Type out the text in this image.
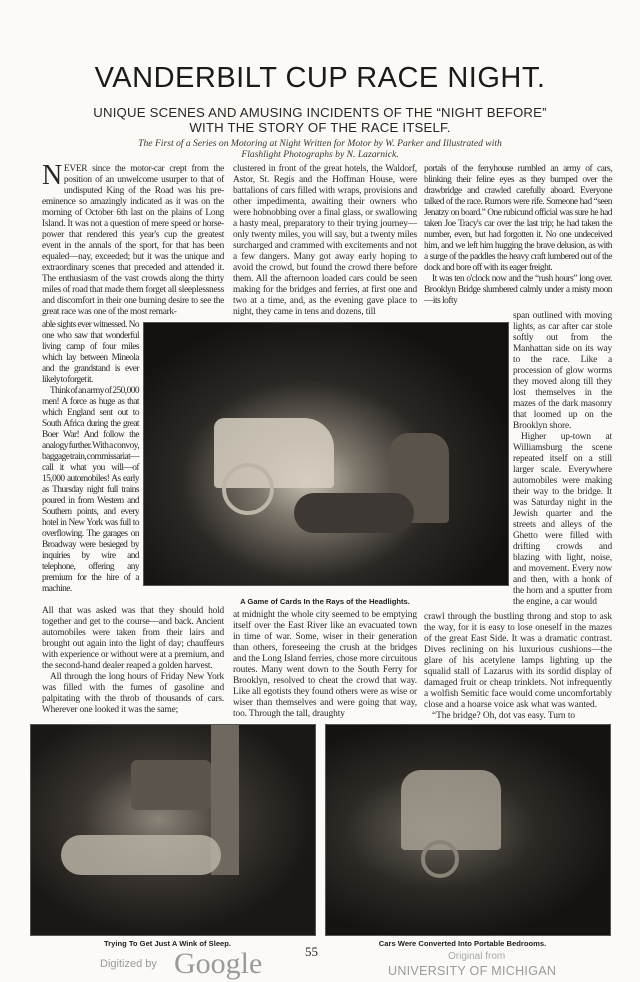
VANDERBILT CUP RACE NIGHT.
UNIQUE SCENES AND AMUSING INCIDENTS OF THE “NIGHT BEFORE”
WITH THE STORY OF THE RACE ITSELF.
The First of a Series on Motoring at Night Written for Motor by W. Parker and Illustrated with
Flashlight Photographs by N. Lazarnick.

NEVER since the motor-car crept from the position of an unwelcome usurper to that of undisputed King of the Road was his pre-eminence so amazingly indicated as it was on the morning of October 6th last on the plains of Long Island. It was not a question of mere speed or horse-power that rendered this year's cup the greatest event in the annals of the sport, for that has been equaled—nay, exceeded; but it was the unique and extraordinary scenes that preceded and attended it. The enthusiasm of the vast crowds along the thirty miles of road that made them forget all sleeplessness and discomfort in their one burning desire to see the great race was one of the most remark-

able sights ever witnessed. No one who saw that wonderful living camp of four miles which lay between Mineola and the grandstand is ever likely to forget it.

Think of an army of 250,000 men! A force as huge as that which England sent out to South Africa during the great Boer War! And follow the analogy further. With a convoy, baggage train, commissariat—call it what you will—of 15,000 automobiles! As early as Thursday night full trains poured in from Western and Southern points, and every hotel in New York was full to overflowing. The garages on Broadway were besieged by inquiries by wire and telephone, offering any premium for the hire of a machine.

All that was asked was that they should hold together and get to the course—and back. Ancient automobiles were taken from their lairs and brought out again into the light of day; chauffeurs with experience or without were at a premium, and the second-hand dealer reaped a golden harvest.

All through the long hours of Friday New York was filled with the fumes of gasoline and palpitating with the throb of thousands of cars. Wherever one looked it was the same;

clustered in front of the great hotels, the Waldorf, Astor, St. Regis and the Hoffman House, were battalions of cars filled with wraps, provisions and other impedimenta, awaiting their owners who were hobnobbing over a final glass, or swallowing a hasty meal, preparatory to their trying journey—only twenty miles, you will say, but a twenty miles surcharged and crammed with excitements and not a few dangers. Many got away early hoping to avoid the crowd, but found the crowd there before them. All the afternoon loaded cars could be seen making for the bridges and ferries, at first one and two at a time, and, as the evening gave place to night, they came in tens and dozens, till

at midnight the whole city seemed to be emptying itself over the East River like an evacuated town in time of war. Some, wiser in their generation than others, foreseeing the crush at the bridges and the Long Island ferries, chose more circuitous routes. Many went down to the South Ferry for Brooklyn, resolved to cheat the crowd that way. Like all egotists they found others were as wise or wiser than themselves and were going that way, too. Through the tall, draughty

portals of the ferryhouse rumbled an army of cars, blinking their feline eyes as they bumped over the drawbridge and crawled carefully aboard. Everyone talked of the race. Rumors were rife. Someone had “seen Jenatzy on board.” One rubicund official was sure he had taken Joe Tracy's car over the last trip; he had taken the number, even, but had forgotten it. No one undeceived him, and we left him hugging the brave delusion, as with a surge of the paddles the heavy craft lumbered out of the dock and bore off with its eager freight.

It was ten o'clock now and the “rush hours” long over. Brooklyn Bridge slumbered calmly under a misty moon—its lofty

span outlined with moving lights, as car after car stole softly out from the Manhattan side on its way to the race. Like a procession of glow worms they moved along till they lost themselves in the mazes of the dark masonry that loomed up on the Brooklyn shore.

Higher up-town at Williamsburg the scene repeated itself on a still larger scale. Everywhere automobiles were making their way to the bridge. It was Saturday night in the Jewish quarter and the streets and alleys of the Ghetto were filled with drifting crowds and blazing with light, noise, and movement. Every now and then, with a honk of the horn and a sputter from the engine, a car would

crawl through the bustling throng and stop to ask the way, for it is easy to lose oneself in the mazes of the great East Side. It was a dramatic contrast. Dives reclining on his luxurious cushions—the glare of his acetylene lamps lighting up the squalid stall of Lazarus with its sordid display of damaged fruit or cheap trinklets. Not infrequently a wolfish Semitic face would come uncomfortably close and a hoarse voice ask what was wanted.

“The bridge? Oh, dot vas easy. Turn to

A Game of Cards In the Rays of the Headlights.
Trying To Get Just A Wink of Sleep.	Cars Were Converted Into Portable Bedrooms.
55
Digitized by Google	Original from
UNIVERSITY OF MICHIGAN
